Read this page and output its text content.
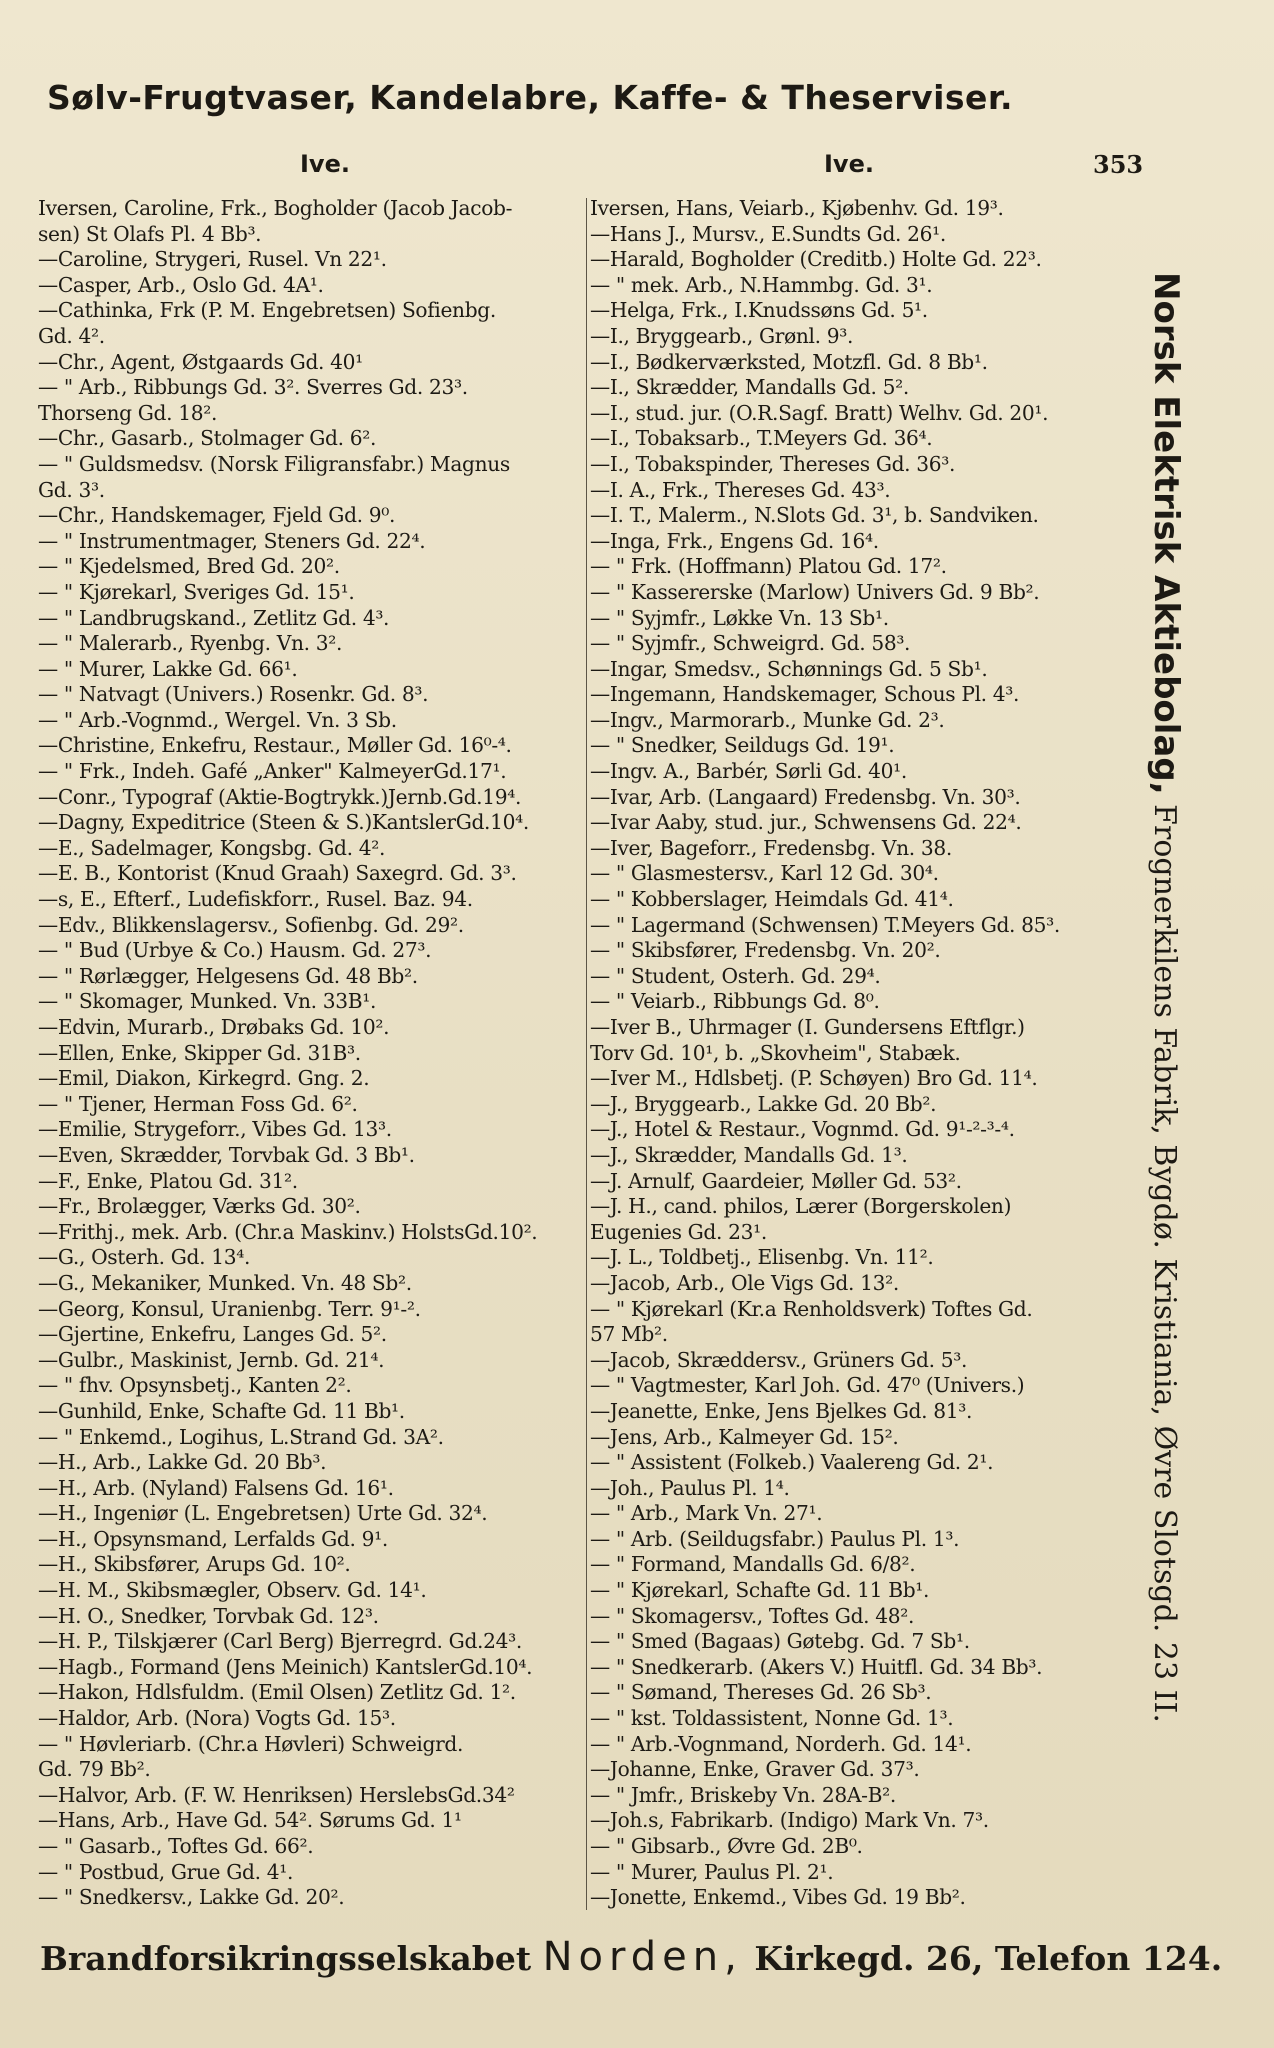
Sølv-Frugtvaser, Kandelabre, Kaffe- & Theserviser.
Ive.	Ive.	353
Iversen, Caroline, Frk., Bogholder (Jacob Jacob-
sen) St Olafs Pl. 4 Bb³.
—Caroline, Strygeri, Rusel. Vn 22¹.
—Casper, Arb., Oslo Gd. 4A¹.
—Cathinka, Frk (P. M. Engebretsen) Sofienbg.
Gd. 4².
—Chr., Agent, Østgaards Gd. 40¹
— " Arb., Ribbungs Gd. 3². Sverres Gd. 23³.
Thorseng Gd. 18².
—Chr., Gasarb., Stolmager Gd. 6².
— " Guldsmedsv. (Norsk Filigransfabr.) Magnus
Gd. 3³.
—Chr., Handskemager, Fjeld Gd. 9⁰.
— " Instrumentmager, Steners Gd. 22⁴.
— " Kjedelsmed, Bred Gd. 20².
— " Kjørekarl, Sveriges Gd. 15¹.
— " Landbrugskand., Zetlitz Gd. 4³.
— " Malerarb., Ryenbg. Vn. 3².
— " Murer, Lakke Gd. 66¹.
— " Natvagt (Univers.) Rosenkr. Gd. 8³.
— " Arb.-Vognmd., Wergel. Vn. 3 Sb.
—Christine, Enkefru, Restaur., Møller Gd. 16⁰-⁴.
— " Frk., Indeh. Gafé „Anker" KalmeyerGd.17¹.
—Conr., Typograf (Aktie-Bogtrykk.)Jernb.Gd.19⁴.
—Dagny, Expeditrice (Steen & S.)KantslerGd.10⁴.
—E., Sadelmager, Kongsbg. Gd. 4².
—E. B., Kontorist (Knud Graah) Saxegrd. Gd. 3³.
—s, E., Efterf., Ludefiskforr., Rusel. Baz. 94.
—Edv., Blikkenslagersv., Sofienbg. Gd. 29².
— " Bud (Urbye & Co.) Hausm. Gd. 27³.
— " Rørlægger, Helgesens Gd. 48 Bb².
— " Skomager, Munked. Vn. 33B¹.
—Edvin, Murarb., Drøbaks Gd. 10².
—Ellen, Enke, Skipper Gd. 31B³.
—Emil, Diakon, Kirkegrd. Gng. 2.
— " Tjener, Herman Foss Gd. 6².
—Emilie, Strygeforr., Vibes Gd. 13³.
—Even, Skrædder, Torvbak Gd. 3 Bb¹.
—F., Enke, Platou Gd. 31².
—Fr., Brolægger, Værks Gd. 30².
—Frithj., mek. Arb. (Chr.a Maskinv.) HolstsGd.10².
—G., Osterh. Gd. 13⁴.
—G., Mekaniker, Munked. Vn. 48 Sb².
—Georg, Konsul, Uranienbg. Terr. 9¹-².
—Gjertine, Enkefru, Langes Gd. 5².
—Gulbr., Maskinist, Jernb. Gd. 21⁴.
— " fhv. Opsynsbetj., Kanten 2².
—Gunhild, Enke, Schafte Gd. 11 Bb¹.
— " Enkemd., Logihus, L.Strand Gd. 3A².
—H., Arb., Lakke Gd. 20 Bb³.
—H., Arb. (Nyland) Falsens Gd. 16¹.
—H., Ingeniør (L. Engebretsen) Urte Gd. 32⁴.
—H., Opsynsmand, Lerfalds Gd. 9¹.
—H., Skibsfører, Arups Gd. 10².
—H. M., Skibsmægler, Observ. Gd. 14¹.
—H. O., Snedker, Torvbak Gd. 12³.
—H. P., Tilskjærer (Carl Berg) Bjerregrd. Gd.24³.
—Hagb., Formand (Jens Meinich) KantslerGd.10⁴.
—Hakon, Hdlsfuldm. (Emil Olsen) Zetlitz Gd. 1².
—Haldor, Arb. (Nora) Vogts Gd. 15³.
— " Høvleriarb. (Chr.a Høvleri) Schweigrd.
Gd. 79 Bb².
—Halvor, Arb. (F. W. Henriksen) HerslebsGd.34²
—Hans, Arb., Have Gd. 54². Sørums Gd. 1¹
— " Gasarb., Toftes Gd. 66².
— " Postbud, Grue Gd. 4¹.
— " Snedkersv., Lakke Gd. 20².
Iversen, Hans, Veiarb., Kjøbenhv. Gd. 19³.
—Hans J., Mursv., E.Sundts Gd. 26¹.
—Harald, Bogholder (Creditb.) Holte Gd. 22³.
— " mek. Arb., N.Hammbg. Gd. 3¹.
—Helga, Frk., I.Knudssøns Gd. 5¹.
—I., Bryggearb., Grønl. 9³.
—I., Bødkerværksted, Motzfl. Gd. 8 Bb¹.
—I., Skrædder, Mandalls Gd. 5².
—I., stud. jur. (O.R.Sagf. Bratt) Welhv. Gd. 20¹.
—I., Tobaksarb., T.Meyers Gd. 36⁴.
—I., Tobakspinder, Thereses Gd. 36³.
—I. A., Frk., Thereses Gd. 43³.
—I. T., Malerm., N.Slots Gd. 3¹, b. Sandviken.
—Inga, Frk., Engens Gd. 16⁴.
— " Frk. (Hoffmann) Platou Gd. 17².
— " Kassererske (Marlow) Univers Gd. 9 Bb².
— " Syjmfr., Løkke Vn. 13 Sb¹.
— " Syjmfr., Schweigrd. Gd. 58³.
—Ingar, Smedsv., Schønnings Gd. 5 Sb¹.
—Ingemann, Handskemager, Schous Pl. 4³.
—Ingv., Marmorarb., Munke Gd. 2³.
— " Snedker, Seildugs Gd. 19¹.
—Ingv. A., Barbér, Sørli Gd. 40¹.
—Ivar, Arb. (Langaard) Fredensbg. Vn. 30³.
—Ivar Aaby, stud. jur., Schwensens Gd. 22⁴.
—Iver, Bageforr., Fredensbg. Vn. 38.
— " Glasmestersv., Karl 12 Gd. 30⁴.
— " Kobberslager, Heimdals Gd. 41⁴.
— " Lagermand (Schwensen) T.Meyers Gd. 85³.
— " Skibsfører, Fredensbg. Vn. 20².
— " Student, Osterh. Gd. 29⁴.
— " Veiarb., Ribbungs Gd. 8⁰.
—Iver B., Uhrmager (I. Gundersens Eftflgr.)
Torv Gd. 10¹, b. „Skovheim", Stabæk.
—Iver M., Hdlsbetj. (P. Schøyen) Bro Gd. 11⁴.
—J., Bryggearb., Lakke Gd. 20 Bb².
—J., Hotel & Restaur., Vognmd. Gd. 9¹-²-³-⁴.
—J., Skrædder, Mandalls Gd. 1³.
—J. Arnulf, Gaardeier, Møller Gd. 53².
—J. H., cand. philos, Lærer (Borgerskolen)
Eugenies Gd. 23¹.
—J. L., Toldbetj., Elisenbg. Vn. 11².
—Jacob, Arb., Ole Vigs Gd. 13².
— " Kjørekarl (Kr.a Renholdsverk) Toftes Gd.
57 Mb².
—Jacob, Skræddersv., Grüners Gd. 5³.
— " Vagtmester, Karl Joh. Gd. 47⁰ (Univers.)
—Jeanette, Enke, Jens Bjelkes Gd. 81³.
—Jens, Arb., Kalmeyer Gd. 15².
— " Assistent (Folkeb.) Vaalereng Gd. 2¹.
—Joh., Paulus Pl. 1⁴.
— " Arb., Mark Vn. 27¹.
— " Arb. (Seildugsfabr.) Paulus Pl. 1³.
— " Formand, Mandalls Gd. 6/8².
— " Kjørekarl, Schafte Gd. 11 Bb¹.
— " Skomagersv., Toftes Gd. 48².
— " Smed (Bagaas) Gøtebg. Gd. 7 Sb¹.
— " Snedkerarb. (Akers V.) Huitfl. Gd. 34 Bb³.
— " Sømand, Thereses Gd. 26 Sb³.
— " kst. Toldassistent, Nonne Gd. 1³.
— " Arb.-Vognmand, Norderh. Gd. 14¹.
—Johanne, Enke, Graver Gd. 37³.
— " Jmfr., Briskeby Vn. 28A-B².
—Joh.s, Fabrikarb. (Indigo) Mark Vn. 7³.
— " Gibsarb., Øvre Gd. 2B⁰.
— " Murer, Paulus Pl. 2¹.
—Jonette, Enkemd., Vibes Gd. 19 Bb².
Norsk Elektrisk Aktiebolag, Frognerkilens Fabrik, Bygdø. Kristiania, Øvre Slotsgd. 23 II.
Brandforsikringsselskabet Norden, Kirkegd. 26, Telefon 124.
